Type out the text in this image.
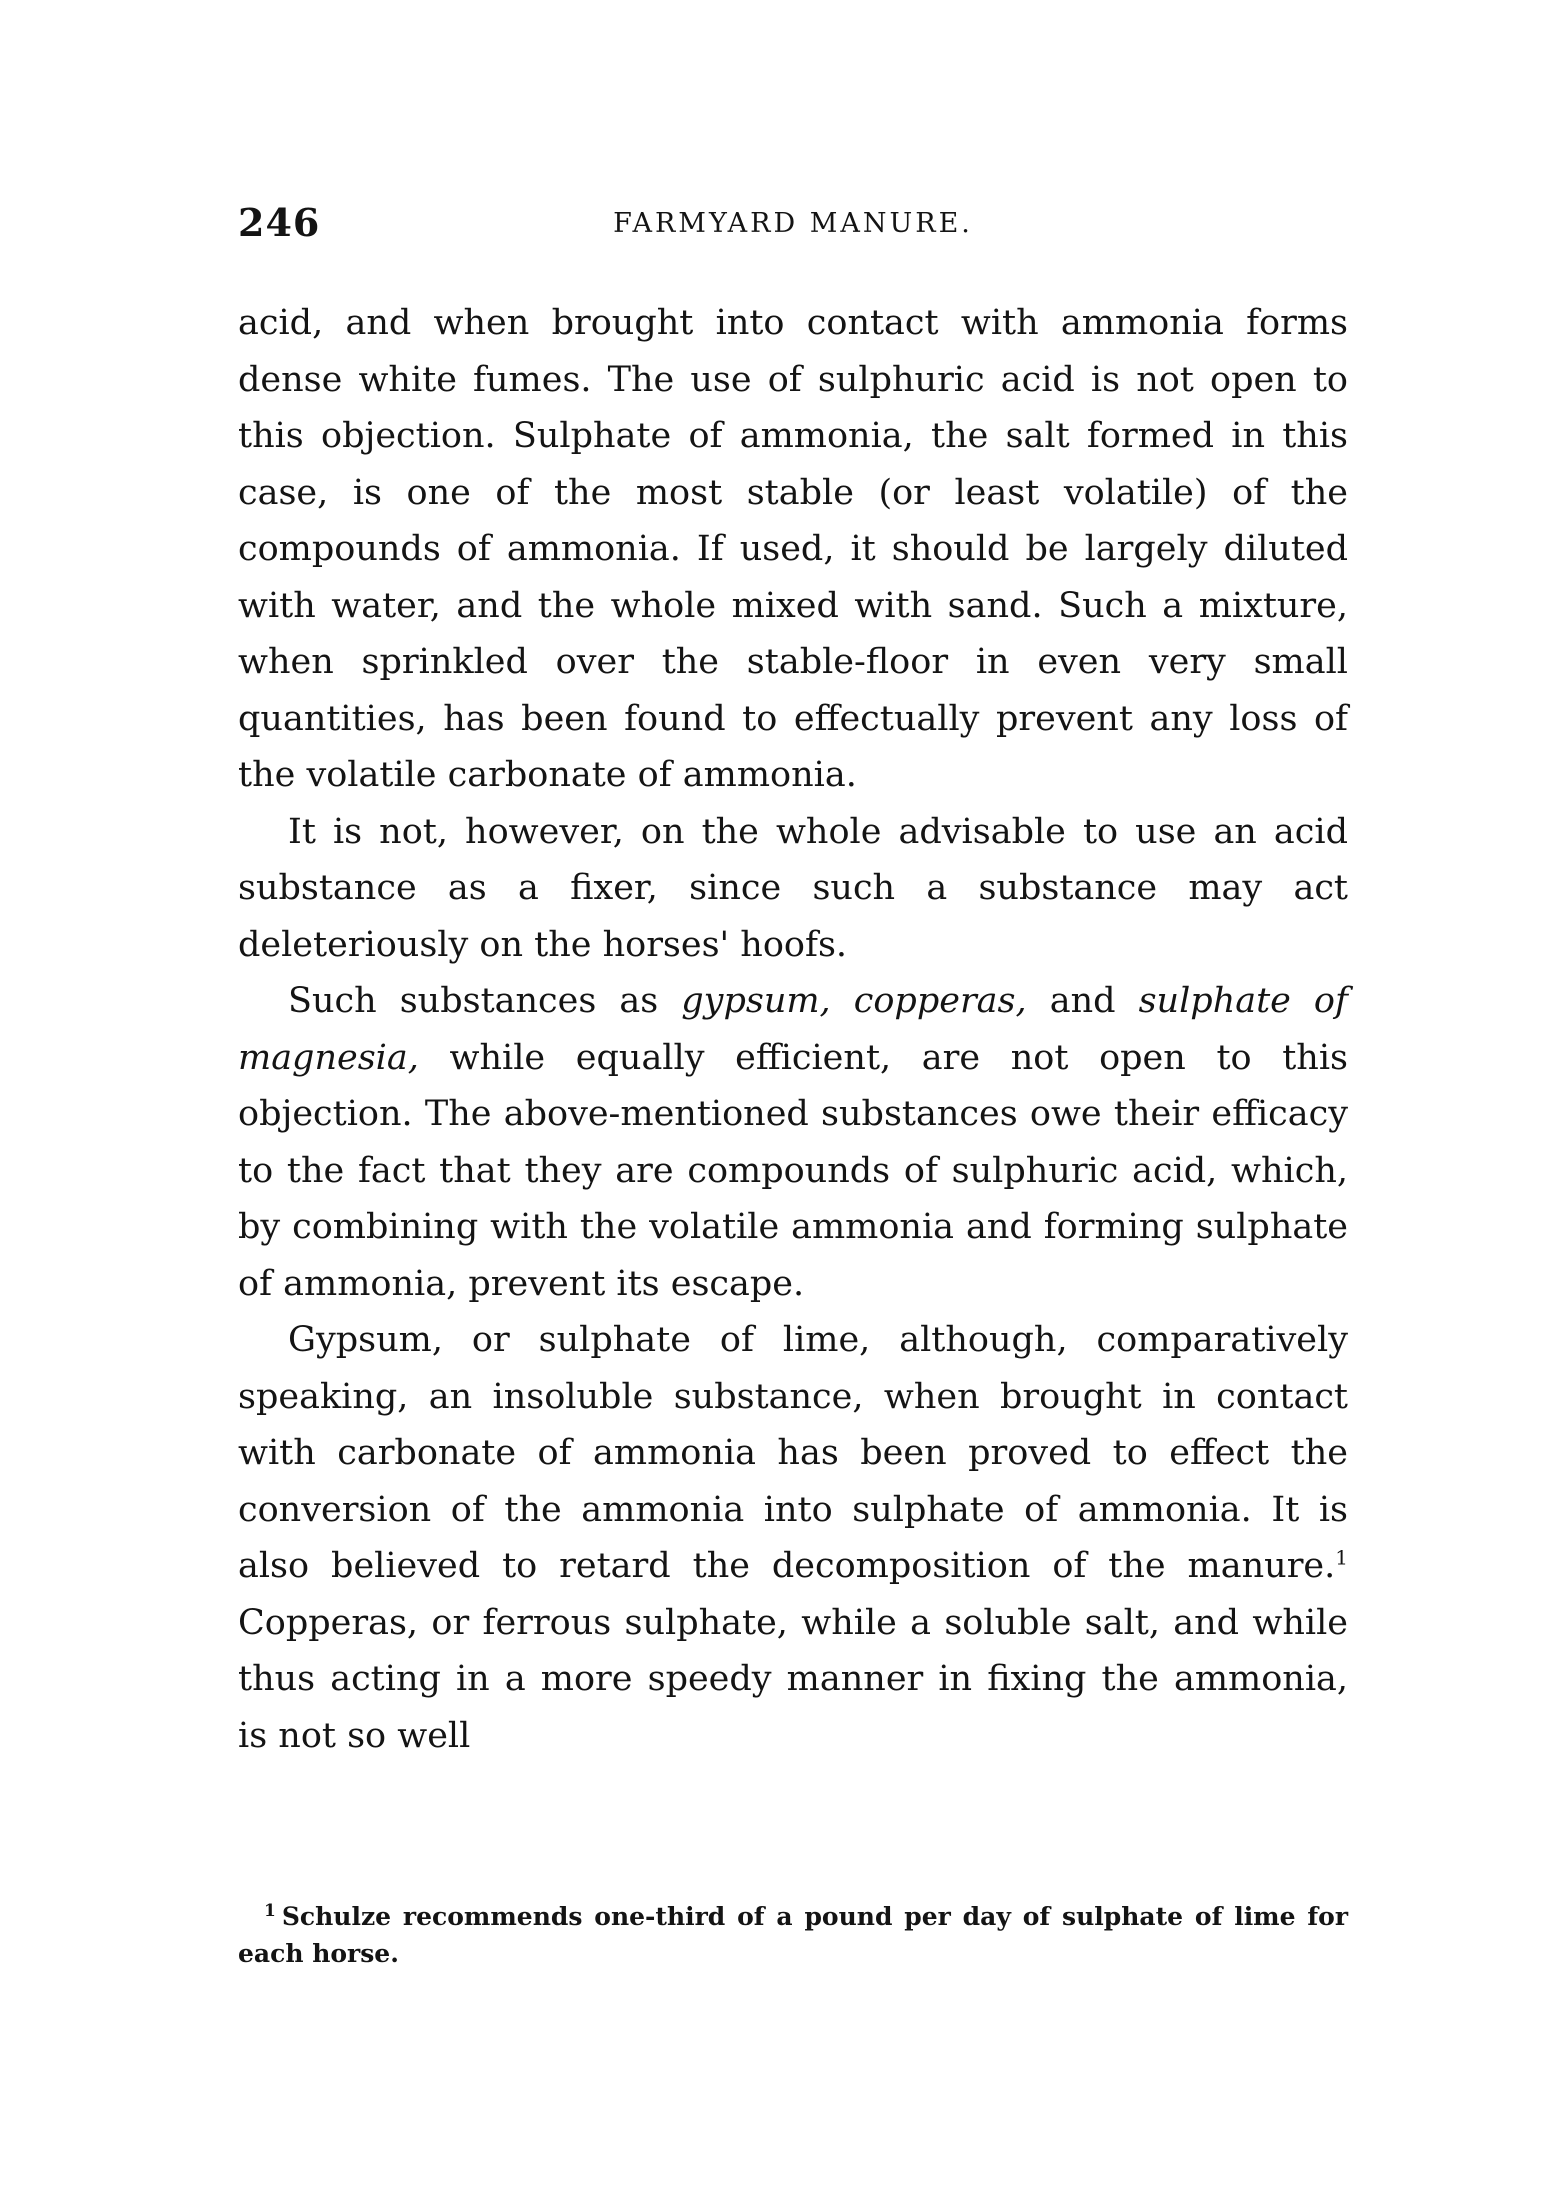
246	FARMYARD MANURE.

acid, and when brought into contact with ammonia forms dense white fumes. The use of sulphuric acid is not open to this objection. Sulphate of ammonia, the salt formed in this case, is one of the most stable (or least volatile) of the compounds of ammonia. If used, it should be largely diluted with water, and the whole mixed with sand. Such a mixture, when sprinkled over the stable-floor in even very small quantities, has been found to effectually prevent any loss of the volatile carbonate of ammonia.

It is not, however, on the whole advisable to use an acid substance as a fixer, since such a substance may act deleteriously on the horses' hoofs.

Such substances as gypsum, copperas, and sulphate of magnesia, while equally efficient, are not open to this objection. The above-mentioned substances owe their efficacy to the fact that they are compounds of sulphuric acid, which, by combining with the volatile ammonia and forming sulphate of ammonia, prevent its escape.

Gypsum, or sulphate of lime, although, comparatively speaking, an insoluble substance, when brought in contact with carbonate of ammonia has been proved to effect the conversion of the ammonia into sulphate of ammonia. It is also believed to retard the decomposition of the manure.$^1$ Copperas, or ferrous sulphate, while a soluble salt, and while thus acting in a more speedy manner in fixing the ammonia, is not so well

$^1$ Schulze recommends one-third of a pound per day of sulphate of lime for each horse.
